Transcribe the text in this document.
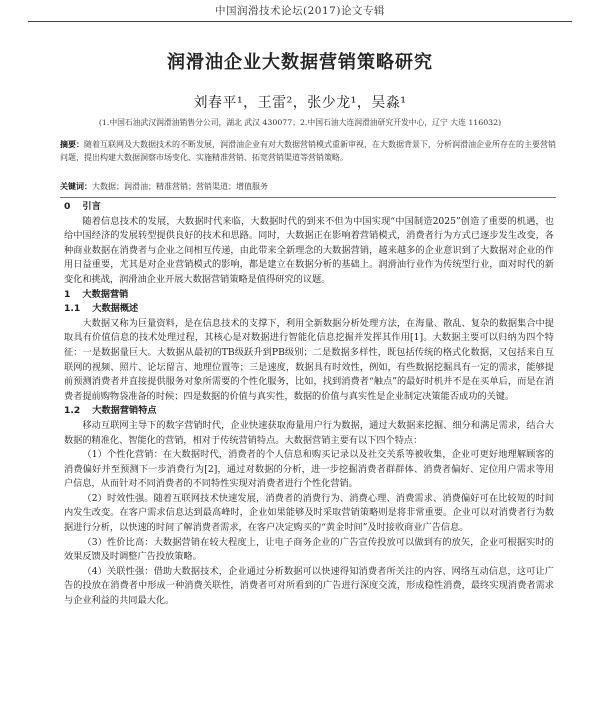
中国润滑技术论坛(2017)论文专辑
润滑油企业大数据营销策略研究
刘春平¹，王雷²，张少龙¹，吴淼¹
(1.中国石油武汉润滑油销售分公司，湖北 武汉 430077；2.中国石油大连润滑油研究开发中心，辽宁 大连 116032)
摘要：随着互联网及大数据技术的不断发展，润滑油企业有对大数据营销模式重新审视，在大数据背景下，分析润滑油企业所存在的主要营销问题，提出构建大数据洞察市场变化、实施精准营销、拓宽营销渠道等营销策略。
关键词：大数据；润滑油；精准营销；营销渠道；增值服务
0 引言

随着信息技术的发展，大数据时代来临，大数据时代的到来不但为中国实现“中国制造2025”创造了重要的机遇，也给中国经济的发展转型提供良好的技术和思路。同时，大数据正在影响着营销模式，消费者行为方式已逐步发生改变，各种商业数据在消费者与企业之间相互传递，由此带来全新理念的大数据营销，越来越多的企业意识到了大数据对企业的作用日益重要，尤其是对企业营销模式的影响，都是建立在数据分析的基础上。润滑油行业作为传统型行业，面对时代的新变化和挑战，润滑油企业开展大数据营销策略是值得研究的议题。

1 大数据营销
1.1 大数据概述

大数据又称为巨量资料，是在信息技术的支撑下，利用全新数据分析处理方法，在海量、散乱、复杂的数据集合中提取具有价值信息的技术处理过程，其核心是对数据进行智能化信息挖掘并发挥其作用[1]。大数据主要可以归纳为四个特征：一是数据量巨大。大数据从最初的TB级跃升到PB级别；二是数据多样性，既包括传统的格式化数据，又包括来自互联网的视频、照片、论坛留言、地理位置等；三是速度，数据具有时效性，例如，有些数据挖掘具有一定的需求，能够提前预测消费者并直接提供服务对象所需要的个性化服务，比如，找到消费者“触点”的最好时机并不是在买单后，而是在消费者提前购物袋准备的时候；四是数据的价值与真实性，数据的价值与真实性是企业制定决策能否成功的关键。

1.2 大数据营销特点

移动互联网主导下的数字营销时代，企业快速获取海量用户行为数据，通过大数据来挖掘、细分和满足需求，结合大数据的精准化、智能化的营销，相对于传统营销特点。大数据营销主要有以下四个特点：

（1）个性化营销：在大数据时代，消费者的个人信息和购买记录以及社交关系等被收集，企业可更好地理解顾客的消费偏好并至预测下一步消费行为[2]，通过对数据的分析，进一步挖掘消费者群群体、消费者偏好、定位用户需求等用户信息，从而针对不同消费者的不同特性实现对消费者进行个性化营销。

（2）时效性强。随着互联网技术快速发展，消费者的消费行为、消费心理、消费需求、消费偏好可在比较短的时间内发生改变。在客户需求信息达到最高峰时，企业如果能够及时采取营销策略则是将非常重要。企业可以对消费者行为数据进行分析，以快速的时间了解消费者需求，在客户决定购买的“黄金时间”及时接收商业广告信息。

（3）性价比高：大数据营销在较大程度上，让电子商务企业的广告宣传投放可以做到有的放矢，企业可根据实时的效果反馈及时调整广告投放策略。

（4）关联性强：借助大数据技术，企业通过分析数据可以快速得知消费者所关注的内容、网络互动信息，这可让广告的投放在消费者中形成一种消费关联性，消费者可对所看到的广告进行深度交流，形成稳性消费，最终实现消费者需求与企业利益的共同最大化。
